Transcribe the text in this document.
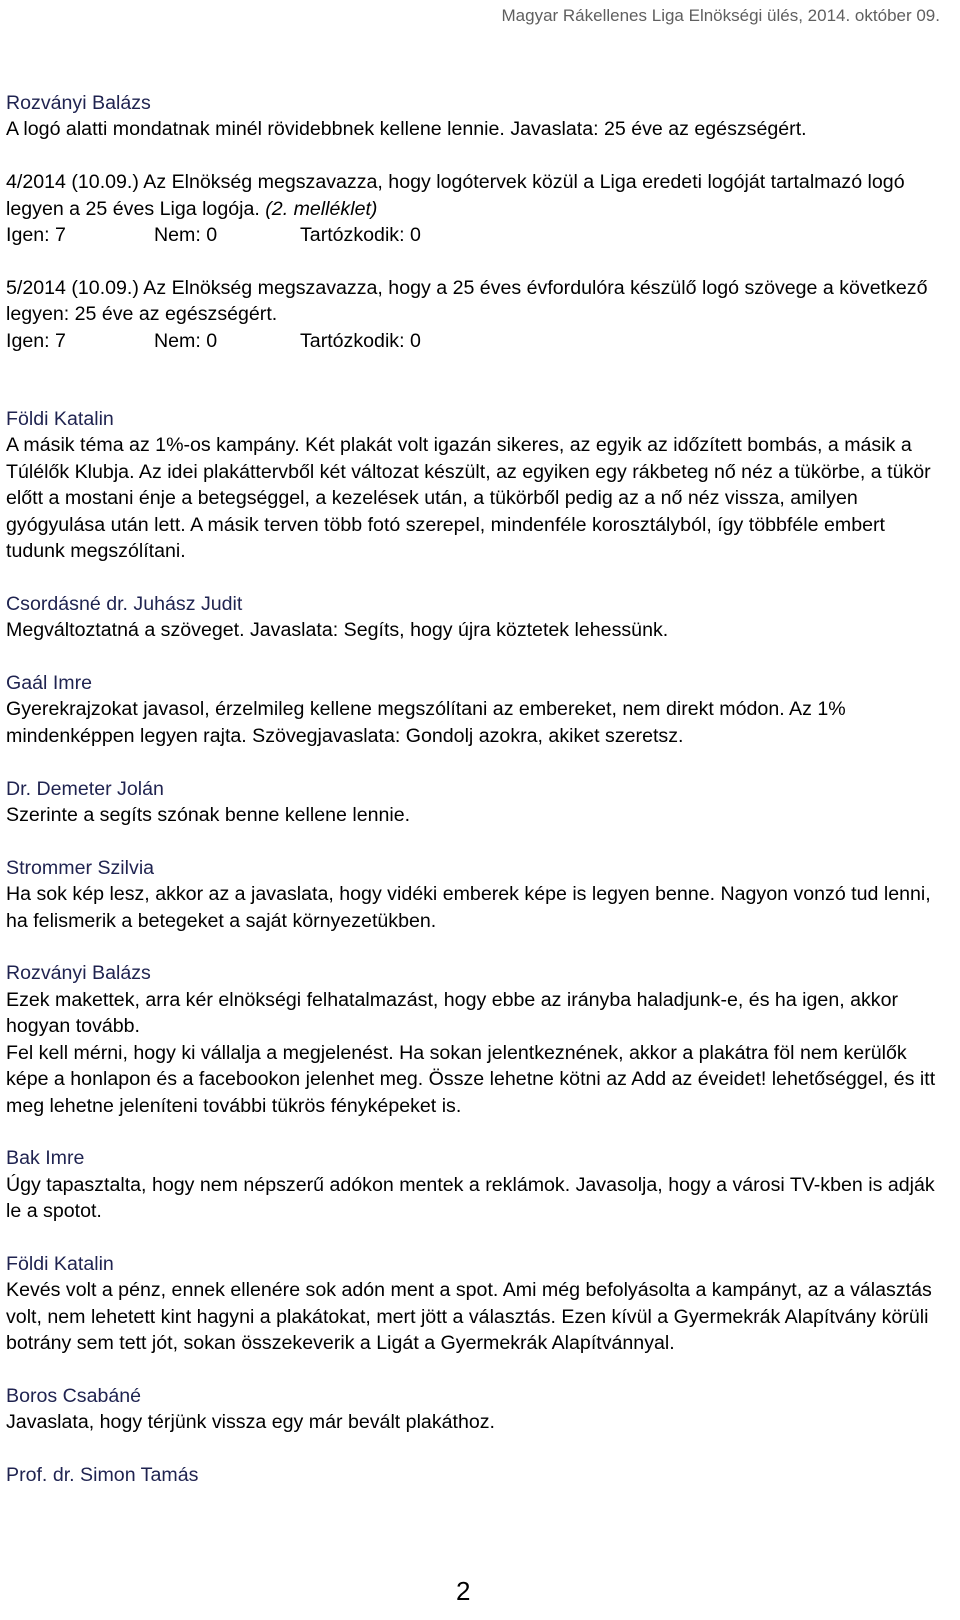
Magyar Rákellenes Liga Elnökségi ülés, 2014. október 09.
Rozványi Balázs
A logó alatti mondatnak minél rövidebbnek kellene lennie. Javaslata: 25 éve az egészségért.
4/2014 (10.09.) Az Elnökség megszavazza, hogy logótervek közül a Liga eredeti logóját tartalmazó logó legyen a 25 éves Liga logója. (2. melléklet)
Igen: 7	Nem: 0	Tartózkodik: 0
5/2014 (10.09.) Az Elnökség megszavazza, hogy a 25 éves évfordulóra készülő logó szövege a következő legyen: 25 éve az egészségért.
Igen: 7	Nem: 0	Tartózkodik: 0
Földi Katalin
A másik téma az 1%-os kampány. Két plakát volt igazán sikeres, az egyik az időzített bombás, a másik a Túlélők Klubja. Az idei plakáttervből két változat készült, az egyiken egy rákbeteg nő néz a tükörbe, a tükör előtt a mostani énje a betegséggel, a kezelések után, a tükörből pedig az a nő néz vissza, amilyen gyógyulása után lett. A másik terven több fotó szerepel, mindenféle korosztályból, így többféle embert tudunk megszólítani.
Csordásné dr. Juhász Judit
Megváltoztatná a szöveget. Javaslata: Segíts, hogy újra köztetek lehessünk.
Gaál Imre
Gyerekrajzokat javasol, érzelmileg kellene megszólítani az embereket, nem direkt módon. Az 1% mindenképpen legyen rajta. Szövegjavaslata: Gondolj azokra, akiket szeretsz.
Dr. Demeter Jolán
Szerinte a segíts szónak benne kellene lennie.
Strommer Szilvia
Ha sok kép lesz, akkor az a javaslata, hogy vidéki emberek képe is legyen benne. Nagyon vonzó tud lenni, ha felismerik a betegeket a saját környezetükben.
Rozványi Balázs
Ezek makettek, arra kér elnökségi felhatalmazást, hogy ebbe az irányba haladjunk-e, és ha igen, akkor hogyan tovább.
Fel kell mérni, hogy ki vállalja a megjelenést. Ha sokan jelentkeznének, akkor a plakátra föl nem kerülők képe a honlapon és a facebookon jelenhet meg. Össze lehetne kötni az Add az éveidet! lehetőséggel, és itt meg lehetne jeleníteni további tükrös fényképeket is.
Bak Imre
Úgy tapasztalta, hogy nem népszerű adókon mentek a reklámok. Javasolja, hogy a városi TV-kben is adják le a spotot.
Földi Katalin
Kevés volt a pénz, ennek ellenére sok adón ment a spot. Ami még befolyásolta a kampányt, az a választás volt, nem lehetett kint hagyni a plakátokat, mert jött a választás. Ezen kívül a Gyermekrák Alapítvány körüli botrány sem tett jót, sokan összekeverik a Ligát a Gyermekrák Alapítvánnyal.
Boros Csabáné
Javaslata, hogy térjünk vissza egy már bevált plakáthoz.
Prof. dr. Simon Tamás
2
